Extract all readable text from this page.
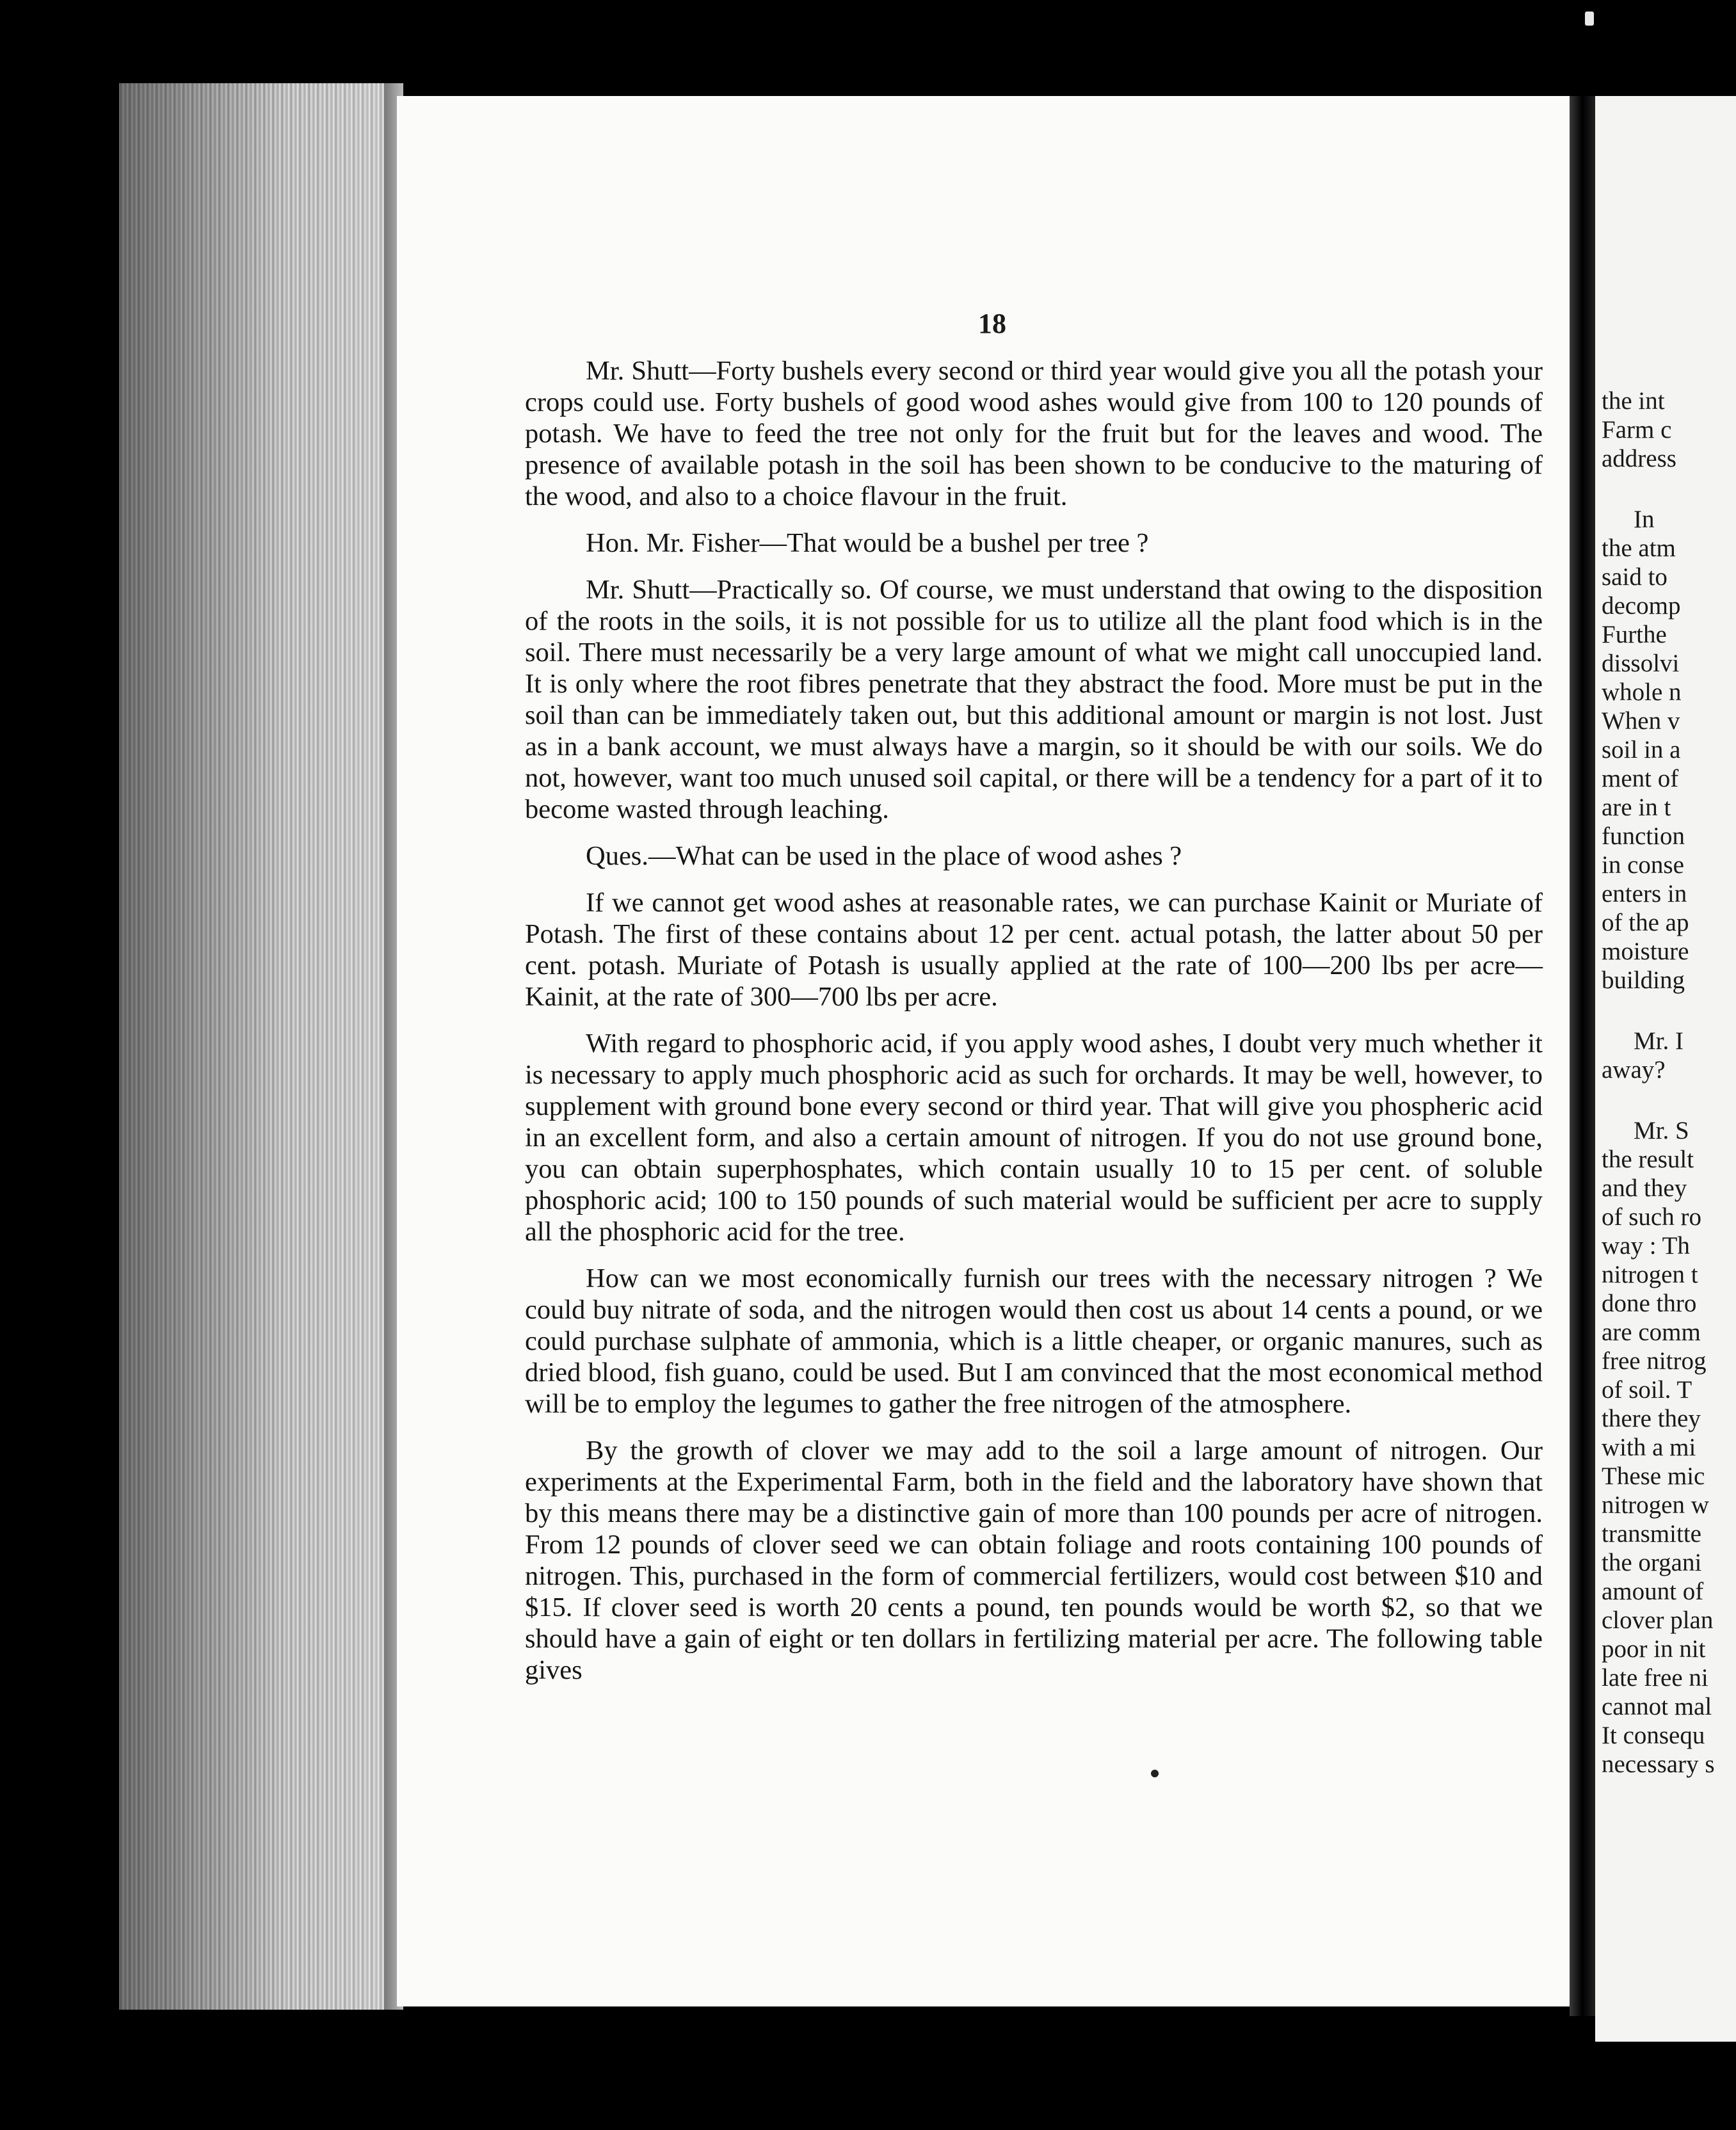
18

Mr. Shutt—Forty bushels every second or third year would give you all the potash your crops could use. Forty bushels of good wood ashes would give from 100 to 120 pounds of potash. We have to feed the tree not only for the fruit but for the leaves and wood. The presence of available potash in the soil has been shown to be conducive to the maturing of the wood, and also to a choice flavour in the fruit.

Hon. Mr. Fisher—That would be a bushel per tree ?

Mr. Shutt—Practically so. Of course, we must understand that owing to the disposition of the roots in the soils, it is not possible for us to utilize all the plant food which is in the soil. There must necessarily be a very large amount of what we might call unoccupied land. It is only where the root fibres penetrate that they abstract the food. More must be put in the soil than can be immediately taken out, but this additional amount or margin is not lost. Just as in a bank account, we must always have a margin, so it should be with our soils. We do not, however, want too much unused soil capital, or there will be a tendency for a part of it to become wasted through leaching.

Ques.—What can be used in the place of wood ashes ?

If we cannot get wood ashes at reasonable rates, we can purchase Kainit or Muriate of Potash. The first of these contains about 12 per cent. actual potash, the latter about 50 per cent. potash. Muriate of Potash is usually applied at the rate of 100—200 lbs per acre—Kainit, at the rate of 300—700 lbs per acre.

With regard to phosphoric acid, if you apply wood ashes, I doubt very much whether it is necessary to apply much phosphoric acid as such for orchards. It may be well, however, to supplement with ground bone every second or third year. That will give you phospheric acid in an excellent form, and also a certain amount of nitrogen. If you do not use ground bone, you can obtain superphosphates, which contain usually 10 to 15 per cent. of soluble phosphoric acid; 100 to 150 pounds of such material would be sufficient per acre to supply all the phosphoric acid for the tree.

How can we most economically furnish our trees with the necessary nitrogen ? We could buy nitrate of soda, and the nitrogen would then cost us about 14 cents a pound, or we could purchase sulphate of ammonia, which is a little cheaper, or organic manures, such as dried blood, fish guano, could be used. But I am convinced that the most economical method will be to employ the legumes to gather the free nitrogen of the atmosphere.

By the growth of clover we may add to the soil a large amount of nitrogen. Our experiments at the Experimental Farm, both in the field and the laboratory have shown that by this means there may be a distinctive gain of more than 100 pounds per acre of nitrogen. From 12 pounds of clover seed we can obtain foliage and roots containing 100 pounds of nitrogen. This, purchased in the form of commercial fertilizers, would cost between $10 and $15. If clover seed is worth 20 cents a pound, ten pounds would be worth $2, so that we should have a gain of eight or ten dollars in fertilizing material per acre. The following table gives

the int
Farm c
address
In
the atm
said to
decomp
Furthe
dissolvi
whole n
When v
soil in a
ment of
are in t
function
in conse
enters in
of the ap
moisture
building
Mr. I
away?
Mr. S
the result
and they
of such ro
way : Th
nitrogen t
done thro
are comm
free nitrog
of soil. T
there they
with a mi
These mic
nitrogen w
transmitte
the organi
amount of
clover plan
poor in nit
late free ni
cannot mal
It consequ
necessary s
